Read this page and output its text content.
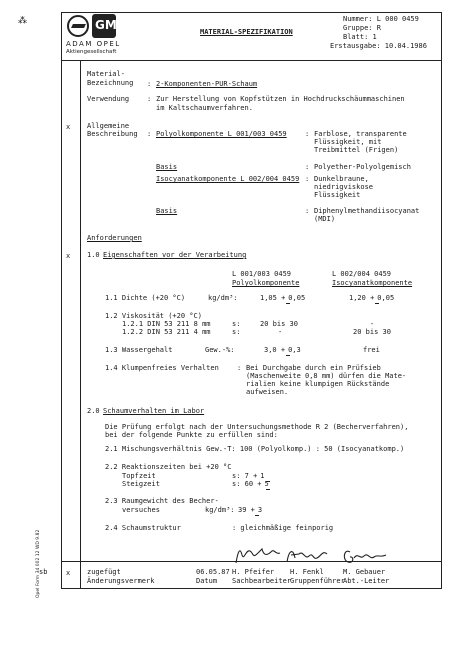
⁂
Opel Form 34 002 12 WD 9.82
sb
GM
ADAM OPEL
Aktiengesellschaft
MATERIAL-SPEZIFIKATION
Nummer: L 000 0459
Gruppe: R
Blatt: 1
Erstausgabe: 10.04.1986
Material-
Bezeichnung : 2-Komponenten-PUR-Schaum
Verwendung	: Zur Herstellung von Kopfstützen in Hochdruckschäummaschinen
im Kaltschaumverfahren.
x Allgemeine
Beschreibung : Polyolkomponente L 001/003 0459	: Farblose, transparente
Flüssigkeit, mit
Treibmittel (Frigen)
Basis	: Polyether-Polyolgemisch
Isocyanatkomponente L 002/004 0459 : Dunkelbraune,
niedrigviskose
Flüssigkeit
Basis	: Diphenylmethandiisocyanat
(MDI)
Anforderungen
x 1.0 Eigenschaften vor der Verarbeitung
L 001/003 0459
Polyolkomponente
L 002/004 0459
Isocyanatkomponente
1.1 Dichte (+20 °C)	kg/dm³:	1,05 + 0,05	1,20 + 0,05
1.2 Viskosität (+20 °C)
1.2.1 DIN 53 211 8 mm	s:	20 bis 30	-
1.2.2 DIN 53 211 4 mm	s:	-	20 bis 30
1.3 Wassergehalt	Gew.-%:	3,0 + 0,3	frei
1.4 Klumpenfreies Verhalten	: Bei Durchgabe durch ein Prüfsieb
(Maschenweite 0,8 mm) dürfen die Mate-
rialien keine klumpigen Rückstände
aufweisen.
2.0 Schaumverhalten im Labor
Die Prüfung erfolgt nach der Untersuchungsmethode R 2 (Becherverfahren),
bei der folgende Punkte zu erfüllen sind:
2.1 Mischungsverhältnis Gew.-T: 100 (Polyolkomp.) : 50 (Isocyanatkomp.)
2.2 Reaktionszeiten bei +20 °C
Topfzeit	s: 7 + 1
Steigzeit	s: 60 + 5
2.3 Raumgewicht des Becher-
versuches	kg/dm³: 39 + 3
2.4 Schaumstruktur	: gleichmäßige feinporig
x zugefügt
Änderungsvermerk
06.05.87
Datum
H. Pfeifer
Sachbearbeiter
H. Fenkl
Gruppenführer
M. Gebauer
Abt.-Leiter
